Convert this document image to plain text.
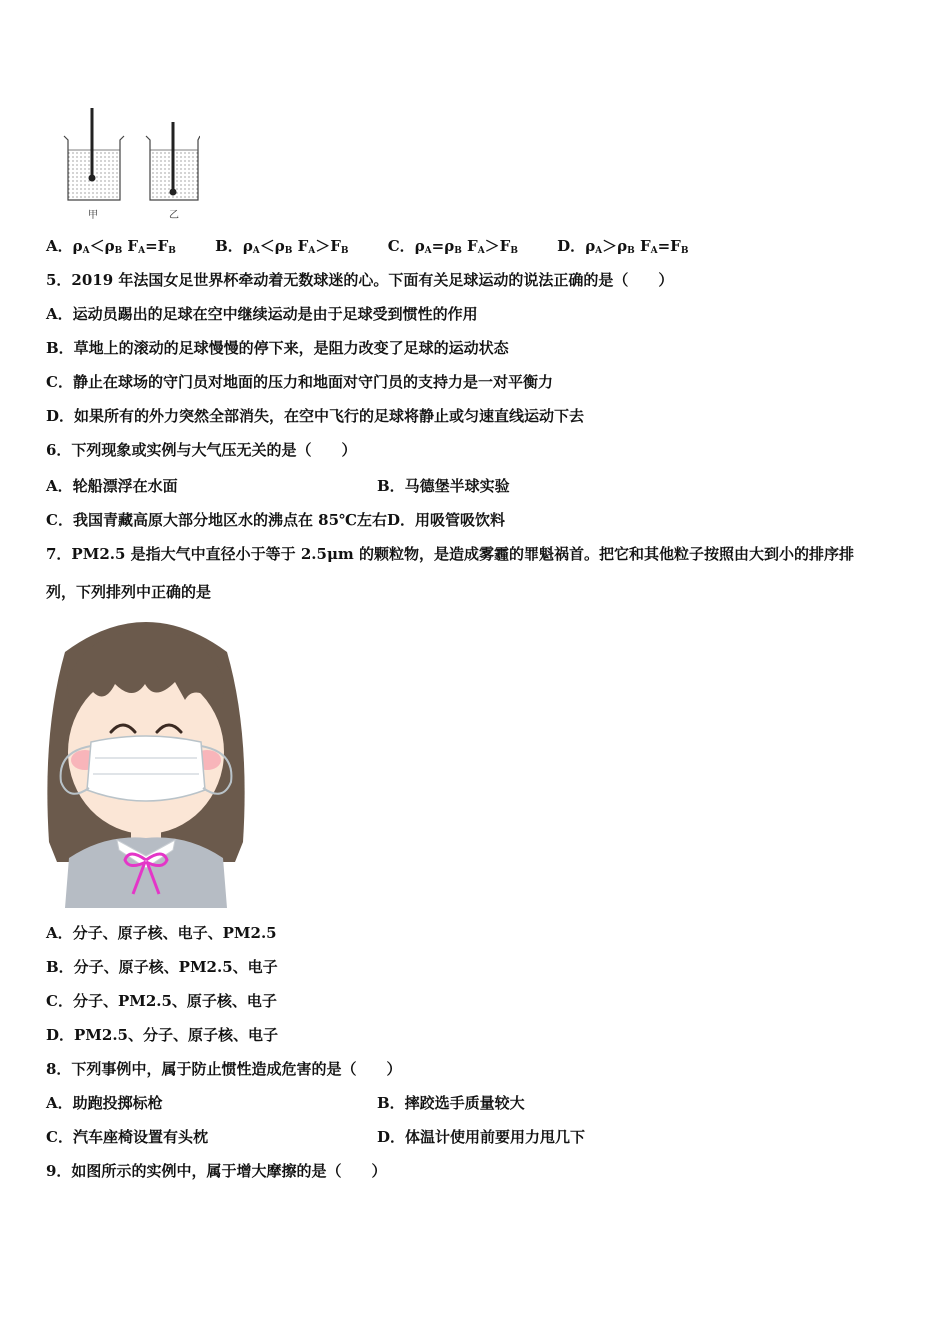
甲	乙
A．$\rho_A<\rho_B$ $F_A=F_B$	B．$\rho_A<\rho_B$ $F_A>F_B$	C．$\rho_A=\rho_B$ $F_A>F_B$	D．$\rho_A>\rho_B$ $F_A=F_B$
5．2019 年法国女足世界杯牵动着无数球迷的心。下面有关足球运动的说法正确的是（　　）
A．运动员踢出的足球在空中继续运动是由于足球受到惯性的作用
B．草地上的滚动的足球慢慢的停下来，是阻力改变了足球的运动状态
C．静止在球场的守门员对地面的压力和地面对守门员的支持力是一对平衡力
D．如果所有的外力突然全部消失，在空中飞行的足球将静止或匀速直线运动下去
6．下列现象或实例与大气压无关的是（　　）
A．轮船漂浮在水面	B．马德堡半球实验
C．我国青藏高原大部分地区水的沸点在 85℃左右D．用吸管吸饮料
7．PM2.5 是指大气中直径小于等于 2.5μm 的颗粒物，是造成雾霾的罪魁祸首。把它和其他粒子按照由大到小的排序排
列，下列排列中正确的是
A．分子、原子核、电子、PM2.5
B．分子、原子核、PM2.5、电子
C．分子、PM2.5、原子核、电子
D．PM2.5、分子、原子核、电子
8．下列事例中，属于防止惯性造成危害的是（　　）
A．助跑投掷标枪	B．摔跤选手质量较大
C．汽车座椅设置有头枕	D．体温计使用前要用力甩几下
9．如图所示的实例中，属于增大摩擦的是（　　）
